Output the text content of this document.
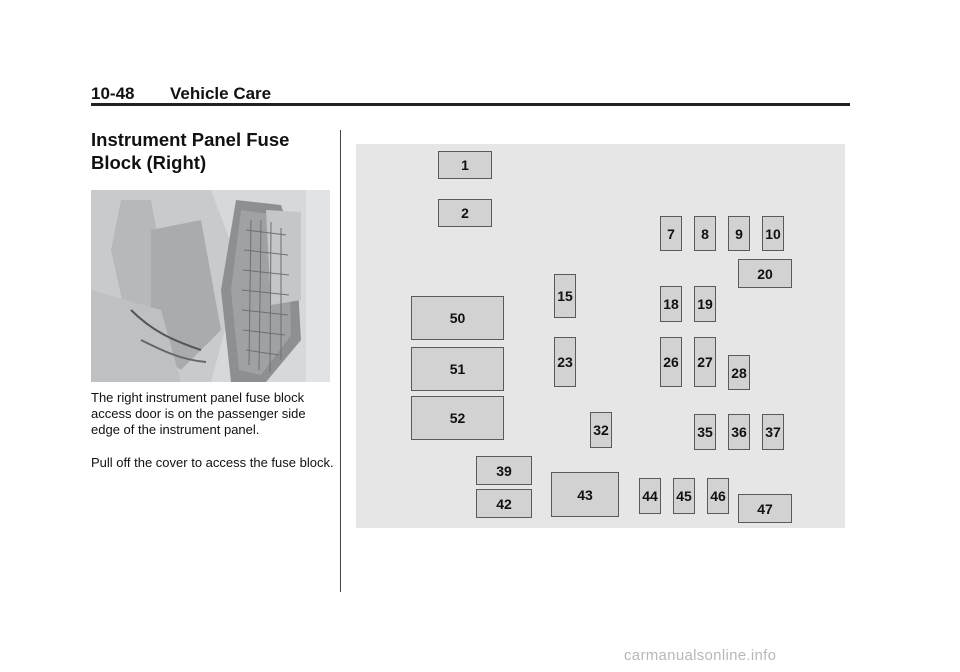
10-48 Vehicle Care
Instrument Panel Fuse Block (Right)

The right instrument panel fuse block access door is on the passenger side edge of the instrument panel.

Pull off the cover to access the fuse block.

1
2
7	8	9	10
20
15	18 19
50
51
52
23	26 27
28
32	35 36 37
39
42
43	44 45 46
47
carmanualsonline.info
